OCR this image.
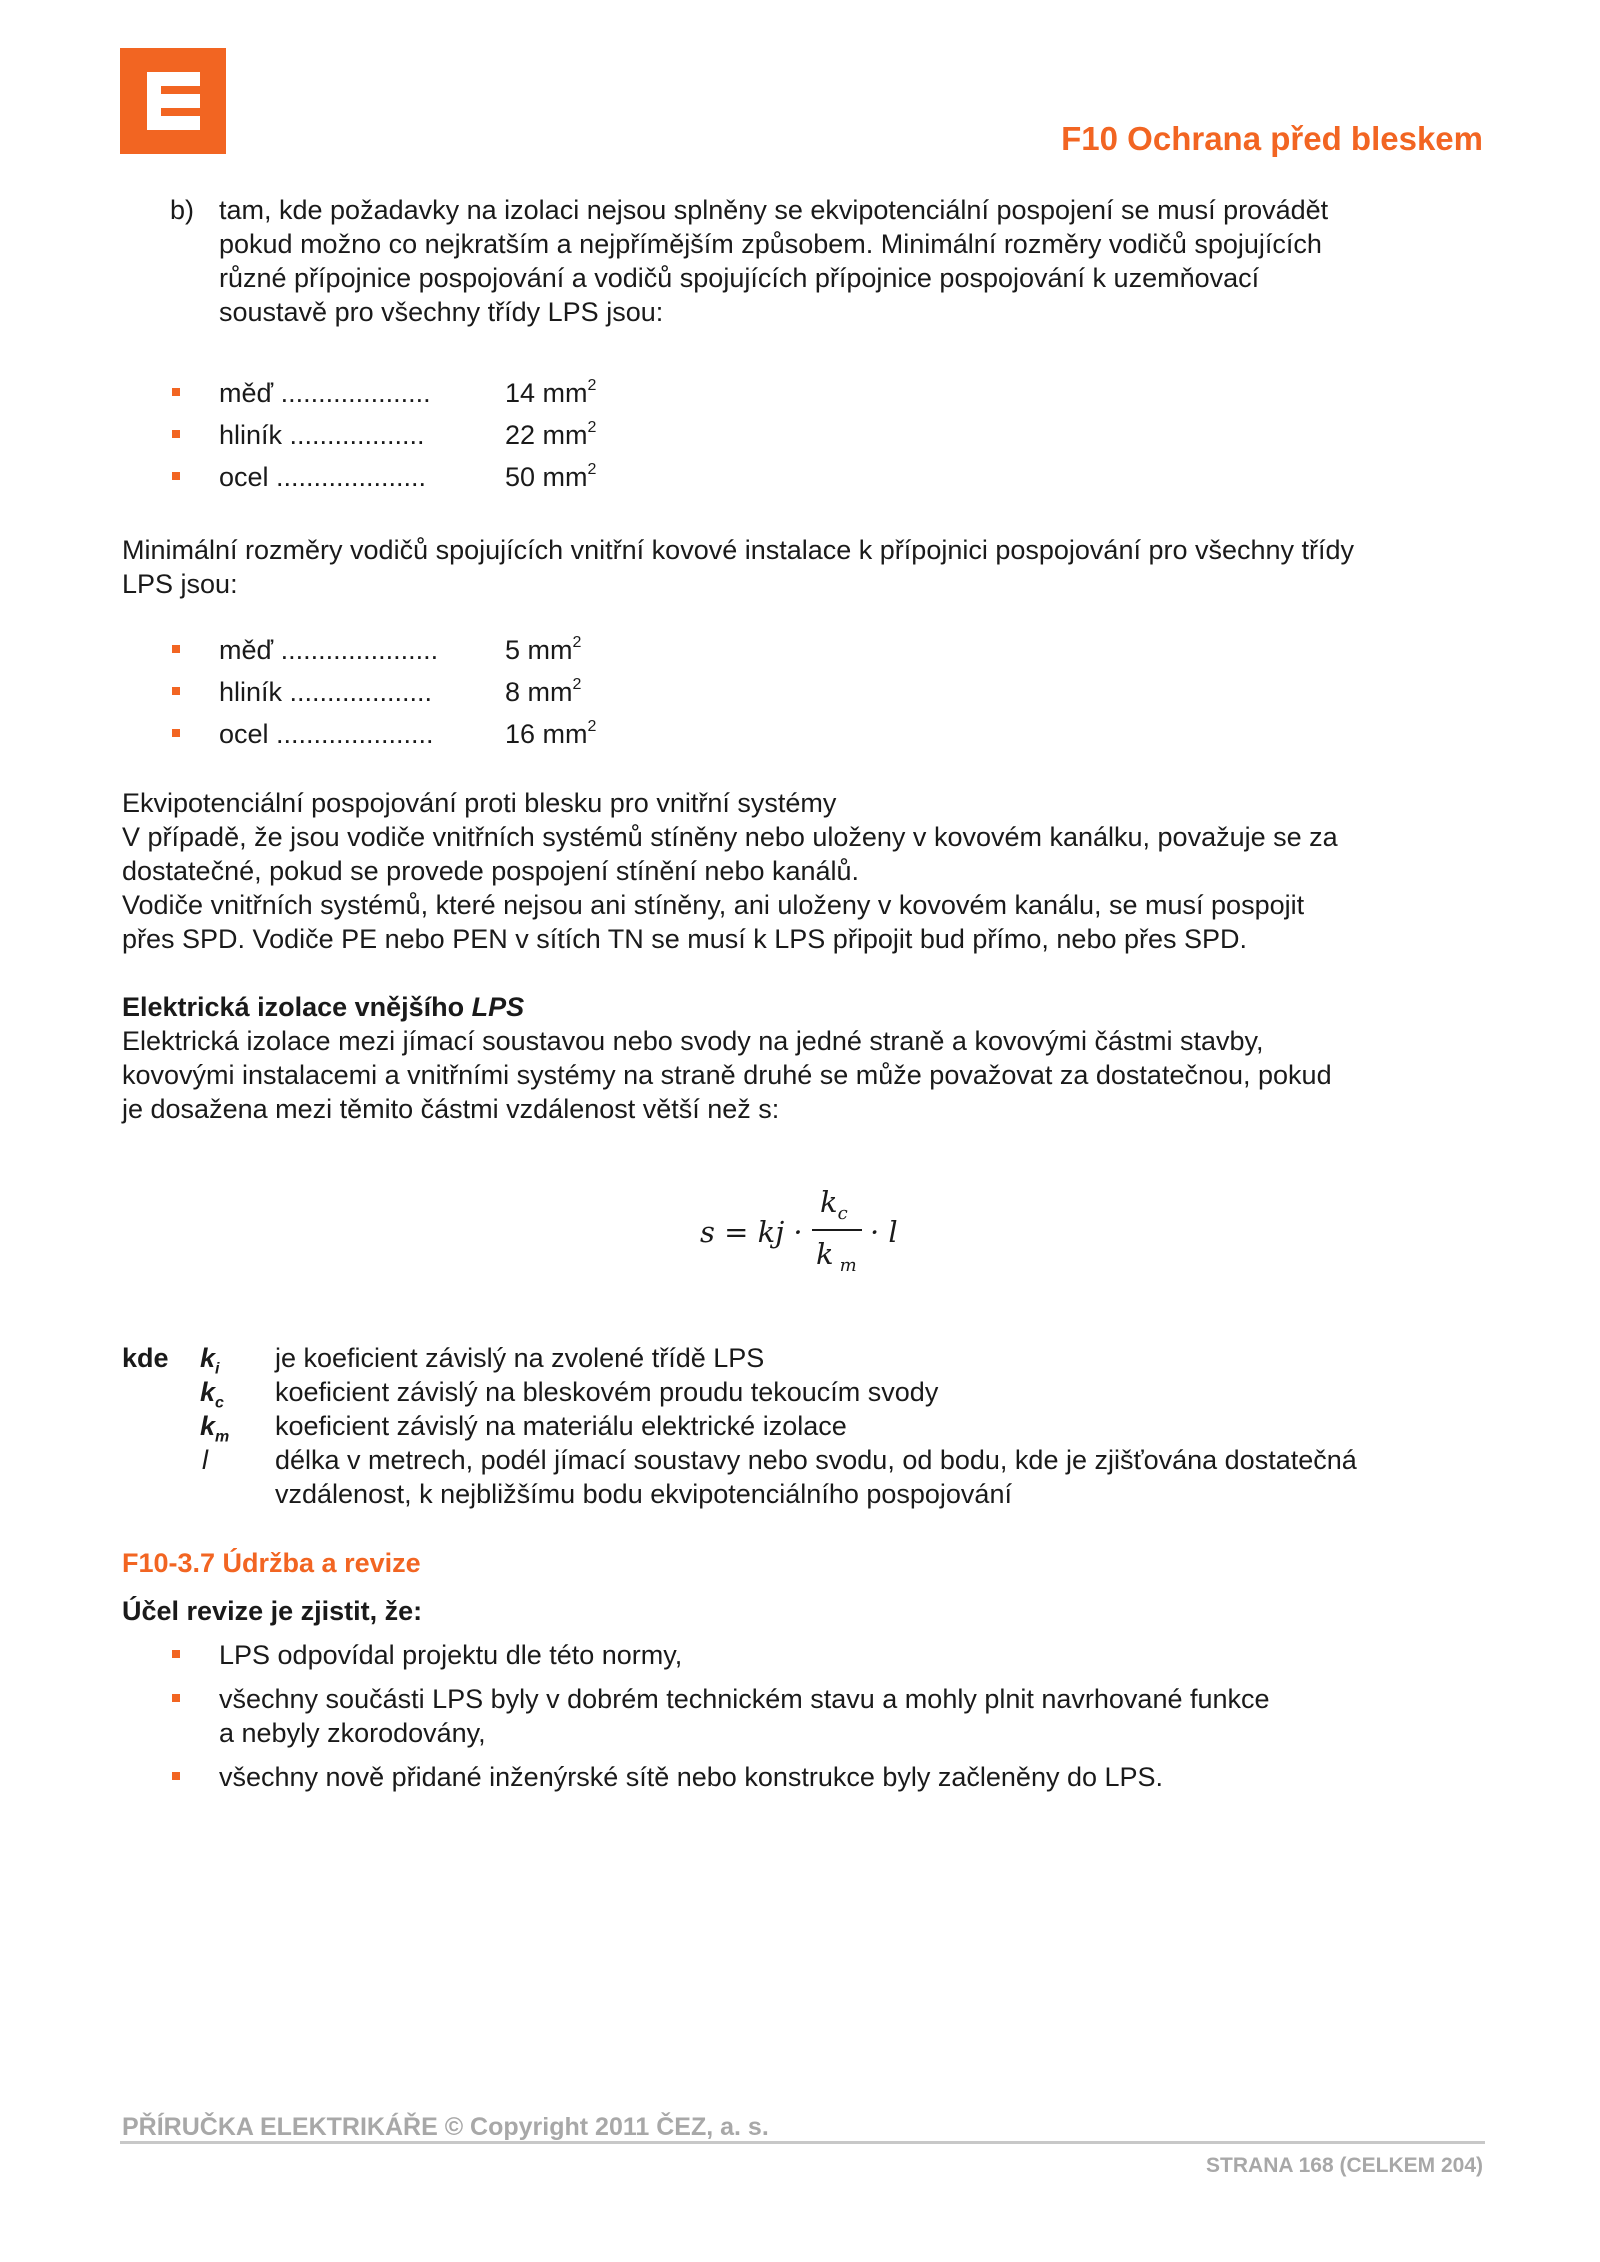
F10 Ochrana před bleskem
b) tam, kde požadavky na izolaci nejsou splněny se ekvipotenciální pospojení se musí provádět
pokud možno co nejkratším a nejpřímějším způsobem. Minimální rozměry vodičů spojujících
různé přípojnice pospojování a vodičů spojujících přípojnice pospojování k uzemňovací
soustavě pro všechny třídy LPS jsou:
měď ....................	14 $mm^2$
hliník ..................	22 $mm^2$
ocel ....................	50 $mm^2$
Minimální rozměry vodičů spojujících vnitřní kovové instalace k přípojnici pospojování pro všechny třídy
LPS jsou:
měď ..................... 5 $mm^2$
hliník ...................	8 $mm^2$
ocel .....................	16 $mm^2$
Ekvipotenciální pospojování proti blesku pro vnitřní systémy
V případě, že jsou vodiče vnitřních systémů stíněny nebo uloženy v kovovém kanálku, považuje se za
dostatečné, pokud se provede pospojení stínění nebo kanálů.
Vodiče vnitřních systémů, které nejsou ani stíněny, ani uloženy v kovovém kanálu, se musí pospojit
přes SPD. Vodiče PE nebo PEN v sítích TN se musí k LPS připojit bud přímo, nebo přes SPD.
Elektrická izolace vnějšího LPS
Elektrická izolace mezi jímací soustavou nebo svody na jedné straně a kovovými částmi stavby,
kovovými instalacemi a vnitřními systémy na straně druhé se může považovat za dostatečnou, pokud
je dosažena mezi těmito částmi vzdálenost větší než s:
s = kj ·
$k_c$
k $_m$
· l
kde $k_i$ je koeficient závislý na zvolené třídě LPS
$k_c$ koeficient závislý na bleskovém proudu tekoucím svody
$k_m$ koeficient závislý na materiálu elektrické izolace
l délka v metrech, podél jímací soustavy nebo svodu, od bodu, kde je zjišťována dostatečná
vzdálenost, k nejbližšímu bodu ekvipotenciálního pospojování
F10-3.7 Údržba a revize
Účel revize je zjistit, že:
LPS odpovídal projektu dle této normy,
všechny součásti LPS byly v dobrém technickém stavu a mohly plnit navrhované funkce
a nebyly zkorodovány,
všechny nově přidané inženýrské sítě nebo konstrukce byly začleněny do LPS.
PŘÍRUČKA ELEKTRIKÁŘE © Copyright 2011 ČEZ, a. s.
STRANA 168 (CELKEM 204)
